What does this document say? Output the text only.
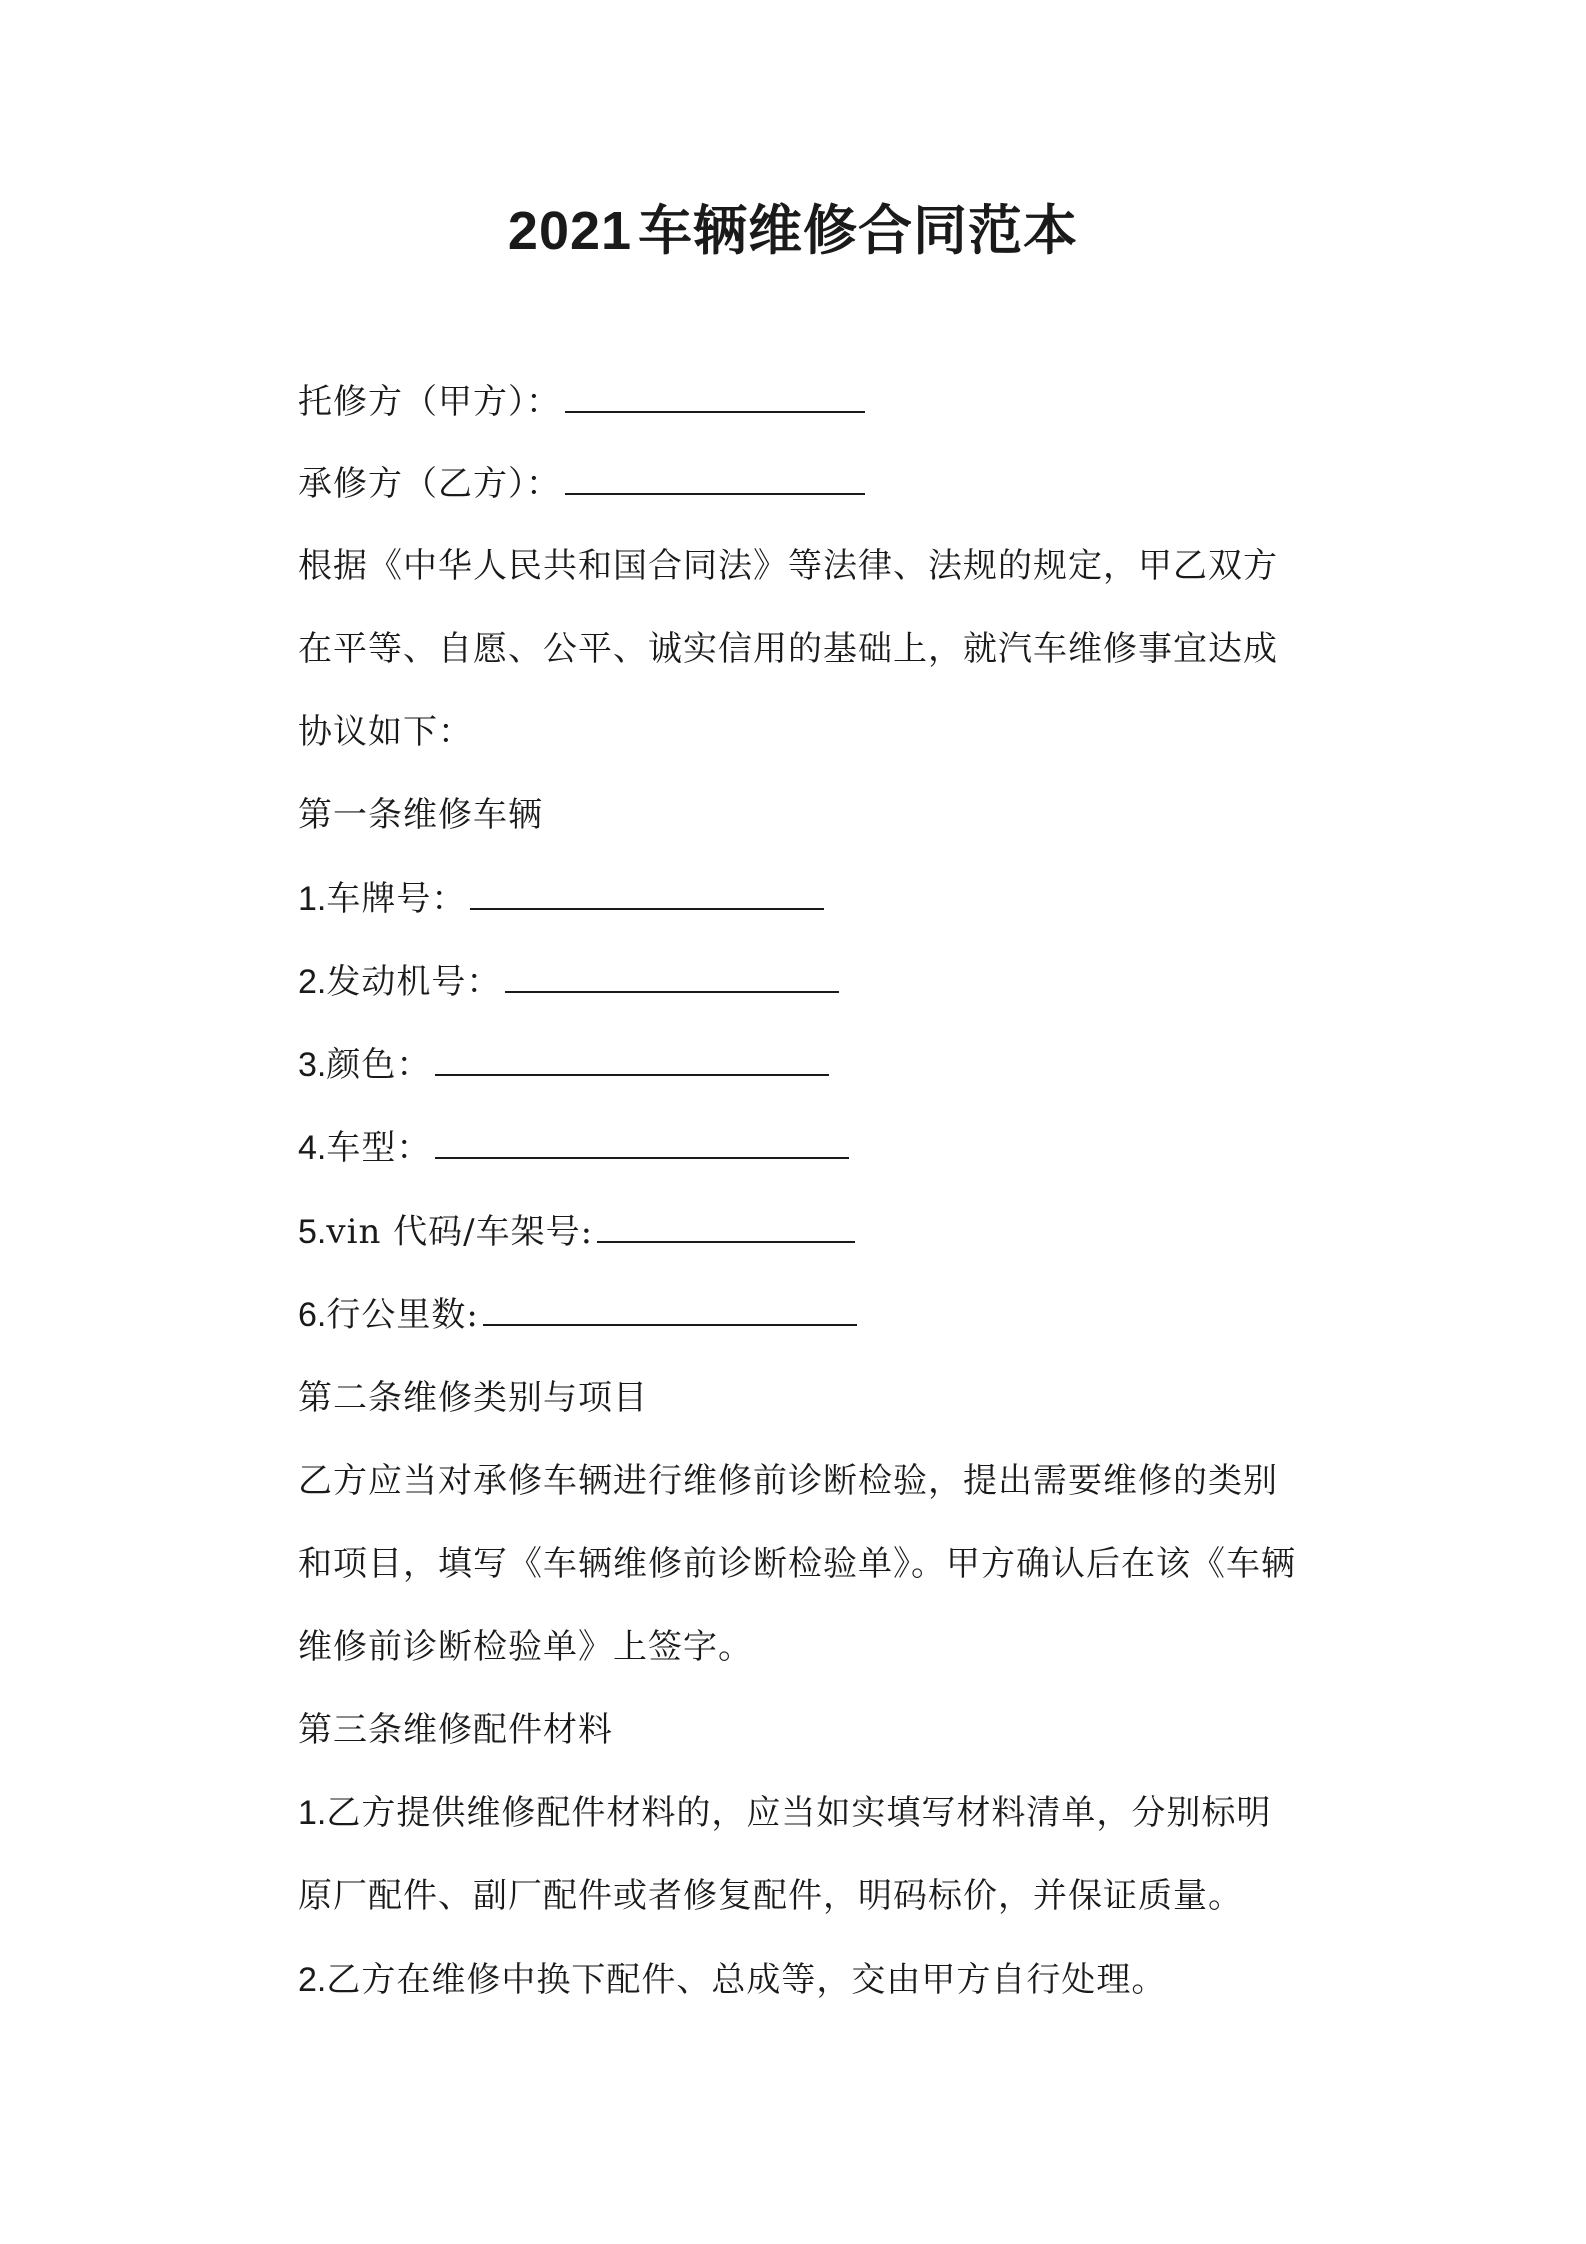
2021 车辆维修合同范本
托修方（甲方）：
承修方（乙方）：
根据《中华人民共和国合同法》等法律、法规的规定，甲乙双方
在平等、自愿、公平、诚实信用的基础上，就汽车维修事宜达成
协议如下：
第一条维修车辆
1.车牌号：
2.发动机号：
3.颜色：
4.车型：
5.vin 代码/车架号:
6.行公里数:
第二条维修类别与项目
乙方应当对承修车辆进行维修前诊断检验，提出需要维修的类别
和项目，填写《车辆维修前诊断检验单》。甲方确认后在该《车辆
维修前诊断检验单》上签字。
第三条维修配件材料
1.乙方提供维修配件材料的，应当如实填写材料清单，分别标明
原厂配件、副厂配件或者修复配件，明码标价，并保证质量。
2.乙方在维修中换下配件、总成等，交由甲方自行处理。
